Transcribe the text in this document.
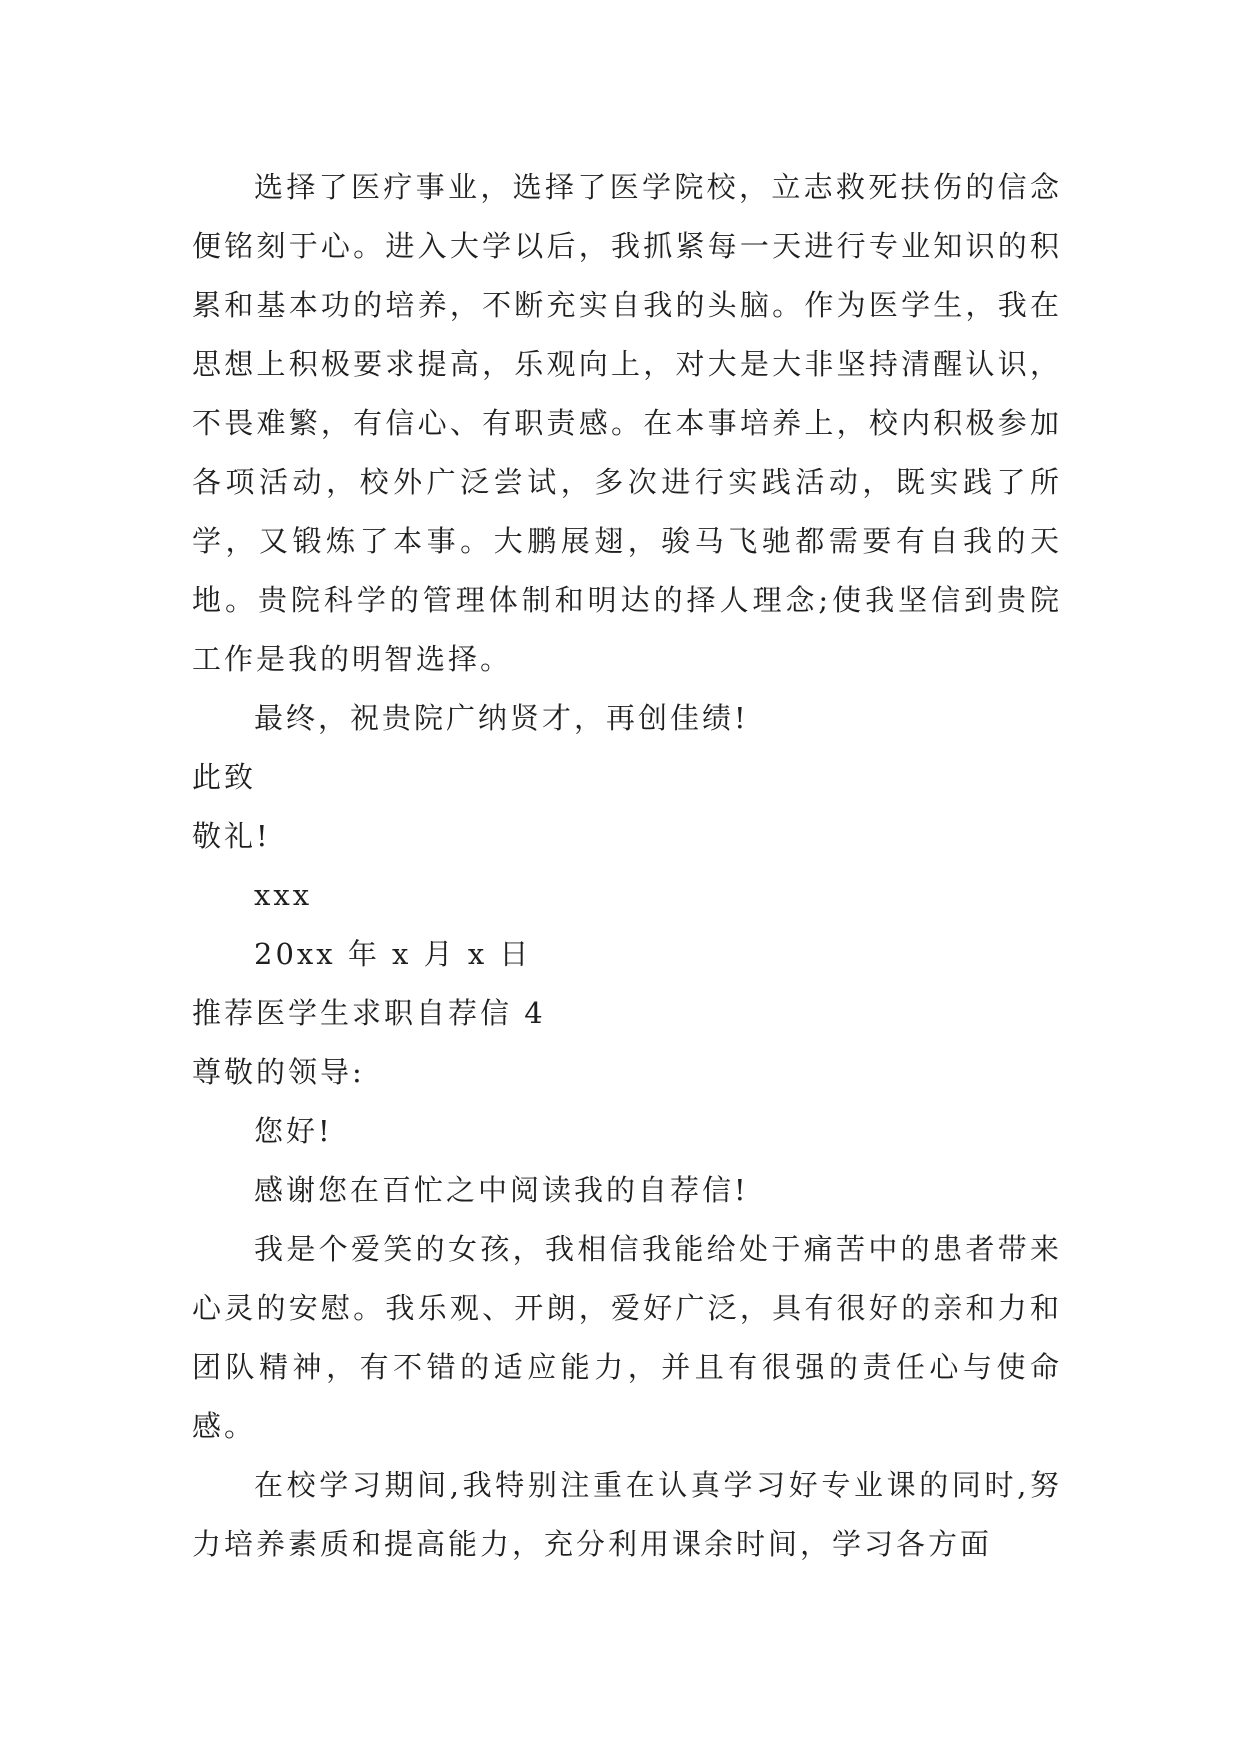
选择了医疗事业，选择了医学院校，立志救死扶伤的信念便铭刻于心。进入大学以后，我抓紧每一天进行专业知识的积累和基本功的培养，不断充实自我的头脑。作为医学生，我在思想上积极要求提高，乐观向上，对大是大非坚持清醒认识，不畏难繁，有信心、有职责感。在本事培养上，校内积极参加各项活动，校外广泛尝试，多次进行实践活动，既实践了所学，又锻炼了本事。大鹏展翅，骏马飞驰都需要有自我的天地。贵院科学的管理体制和明达的择人理念;使我坚信到贵院工作是我的明智选择。

最终，祝贵院广纳贤才，再创佳绩!

此致

敬礼!

xxx

20xx 年 x 月 x 日

推荐医学生求职自荐信 4

尊敬的领导:

您好!

感谢您在百忙之中阅读我的自荐信!

我是个爱笑的女孩，我相信我能给处于痛苦中的患者带来心灵的安慰。我乐观、开朗，爱好广泛，具有很好的亲和力和团队精神，有不错的适应能力，并且有很强的责任心与使命感。

在校学习期间,我特别注重在认真学习好专业课的同时,努力培养素质和提高能力，充分利用课余时间，学习各方面
